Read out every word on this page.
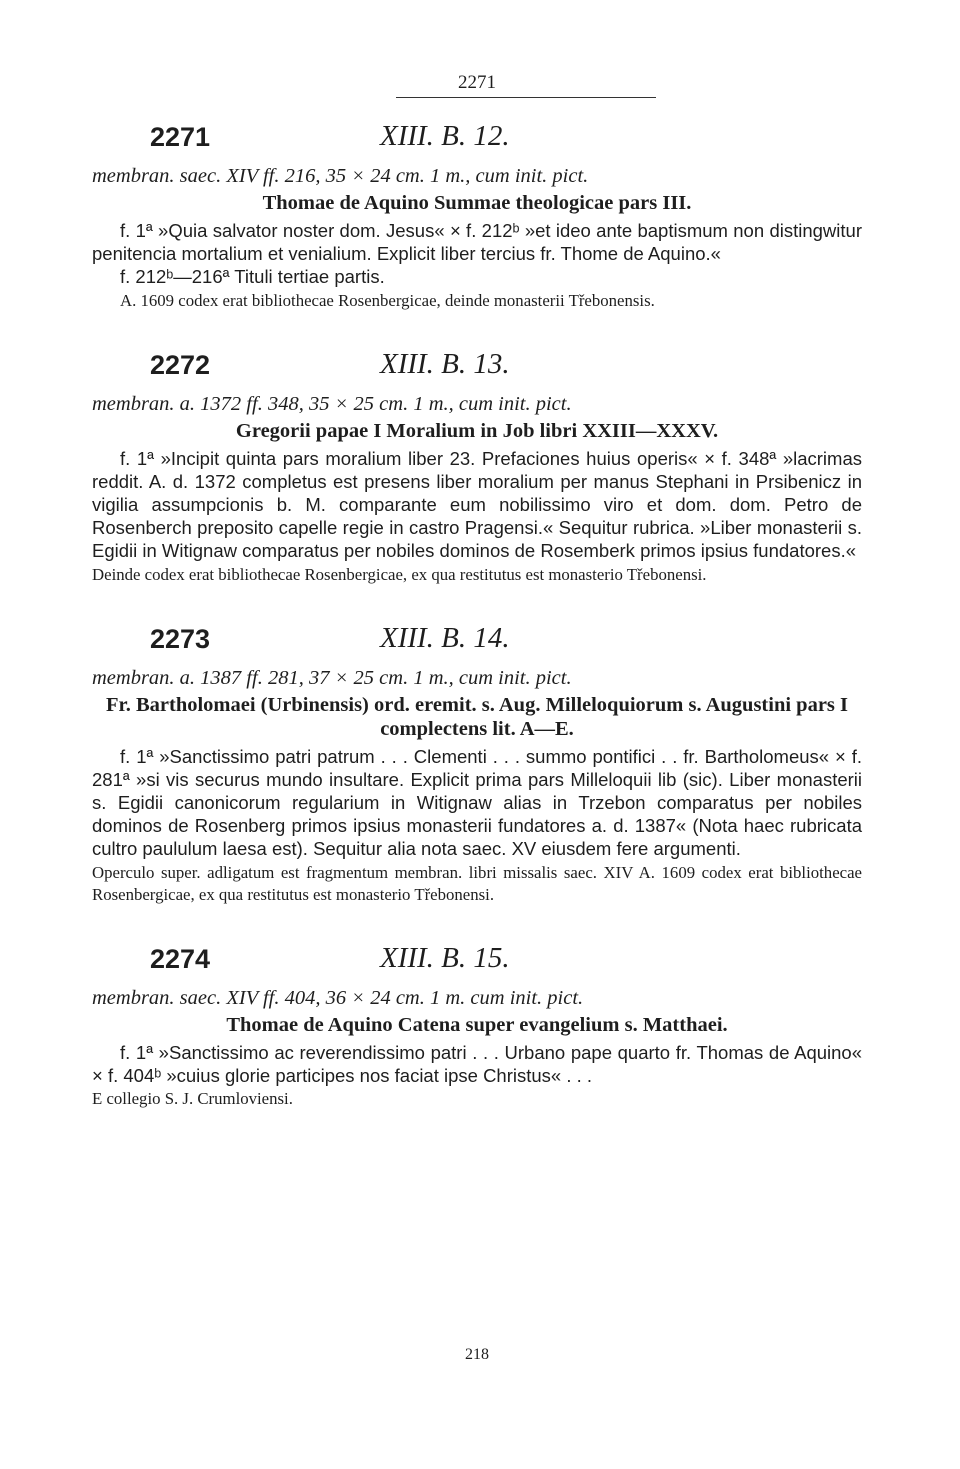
2271
2271	XIII. B. 12.
membran. saec. XIV ff. 216, 35 × 24 cm. 1 m., cum init. pict.
Thomae de Aquino Summae theologicae pars III.

f. 1ª »Quia salvator noster dom. Jesus« × f. 212ᵇ »et ideo ante baptismum non distingwitur penitencia mortalium et venialium. Explicit liber tercius fr. Thome de Aquino.«

f. 212ᵇ—216ª Tituli tertiae partis.

A. 1609 codex erat bibliothecae Rosenbergicae, deinde monasterii Třebonensis.

2272	XIII. B. 13.
membran. a. 1372 ff. 348, 35 × 25 cm. 1 m., cum init. pict.
Gregorii papae I Moralium in Job libri XXIII—XXXV.

f. 1ª »Incipit quinta pars moralium liber 23. Prefaciones huius operis« × f. 348ª »lacrimas reddit. A. d. 1372 completus est presens liber moralium per manus Stephani in Prsibenicz in vigilia assumpcionis b. M. comparante eum nobilissimo viro et dom. dom. Petro de Rosenberch preposito capelle regie in castro Pragensi.« Sequitur rubrica. »Liber monasterii s. Egidii in Witignaw comparatus per nobiles dominos de Rosemberk primos ipsius fundatores.«

Deinde codex erat bibliothecae Rosenbergicae, ex qua restitutus est monasterio Třebonensi.

2273	XIII. B. 14.
membran. a. 1387 ff. 281, 37 × 25 cm. 1 m., cum init. pict.
Fr. Bartholomaei (Urbinensis) ord. eremit. s. Aug. Milleloquiorum s. Augustini pars I complectens lit. A—E.

f. 1ª »Sanctissimo patri patrum . . . Clementi . . . summo pontifici . . fr. Bartholomeus« × f. 281ª »si vis securus mundo insultare. Explicit prima pars Milleloquii lib (sic). Liber monasterii s. Egidii canonicorum regularium in Witignaw alias in Trzebon comparatus per nobiles dominos de Rosenberg primos ipsius monasterii fundatores a. d. 1387« (Nota haec rubricata cultro paululum laesa est). Sequitur alia nota saec. XV eiusdem fere argumenti.

Operculo super. adligatum est fragmentum membran. libri missalis saec. XIV A. 1609 codex erat bibliothecae Rosenbergicae, ex qua restitutus est monasterio Třebonensi.

2274	XIII. B. 15.
membran. saec. XIV ff. 404, 36 × 24 cm. 1 m. cum init. pict.
Thomae de Aquino Catena super evangelium s. Matthaei.

f. 1ª »Sanctissimo ac reverendissimo patri . . . Urbano pape quarto fr. Thomas de Aquino« × f. 404ᵇ »cuius glorie participes nos faciat ipse Christus« . . .

E collegio S. J. Crumloviensi.

218
